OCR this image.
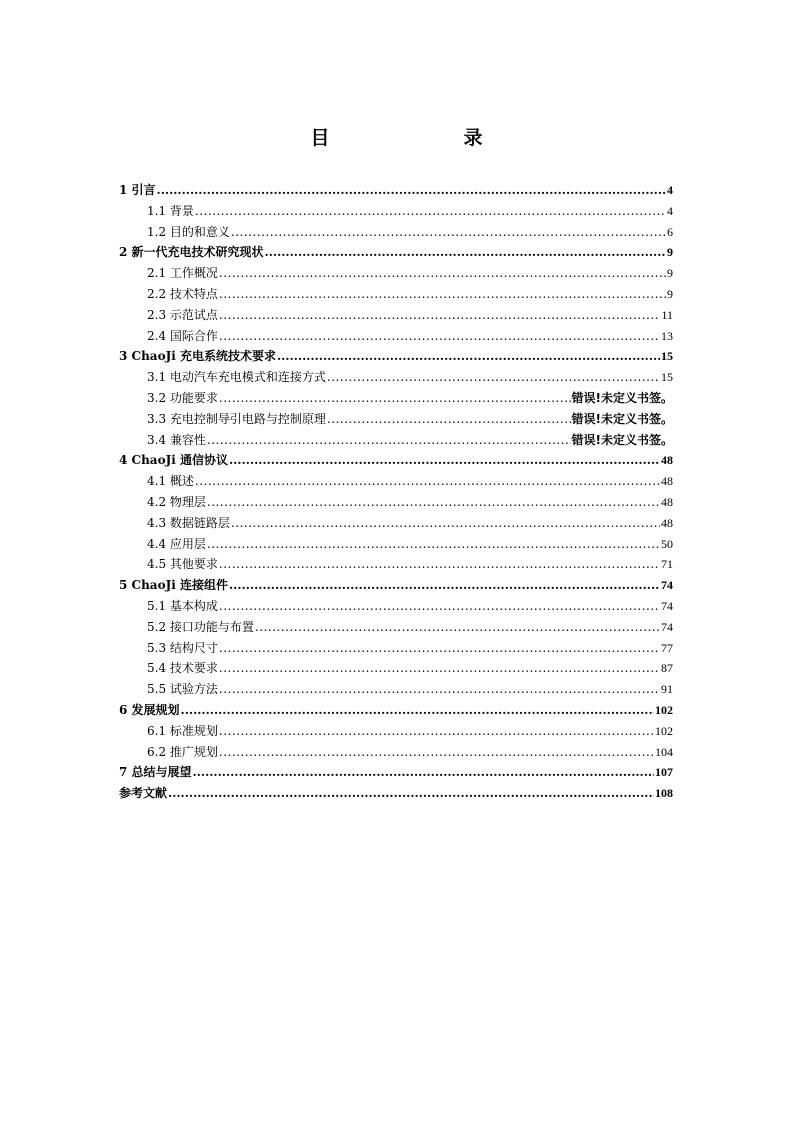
目　　录
1 引言 .....	4
1.1 背景 .....	4
1.2 目的和意义 .....	6
2 新一代充电技术研究现状 .....	9
2.1 工作概况 .....	9
2.2 技术特点 .....	9
2.3 示范试点 .....	11
2.4 国际合作 .....	13
3 ChaoJi 充电系统技术要求 .....	15
3.1 电动汽车充电模式和连接方式 .....	15
3.2 功能要求 .....	错误!未定义书签。
3.3 充电控制导引电路与控制原理 .....	错误!未定义书签。
3.4 兼容性 .....	错误!未定义书签。
4 ChaoJi 通信协议 .....	48
4.1 概述 .....	48
4.2 物理层 .....	48
4.3 数据链路层 .....	48
4.4 应用层 .....	50
4.5 其他要求 .....	71
5 ChaoJi 连接组件 .....	74
5.1 基本构成 .....	74
5.2 接口功能与布置 .....	74
5.3 结构尺寸 .....	77
5.4 技术要求 .....	87
5.5 试验方法 .....	91
6 发展规划 .....	102
6.1 标准规划 .....	102
6.2 推广规划 .....	104
7 总结与展望 .....	107
参考文献 .....	108
